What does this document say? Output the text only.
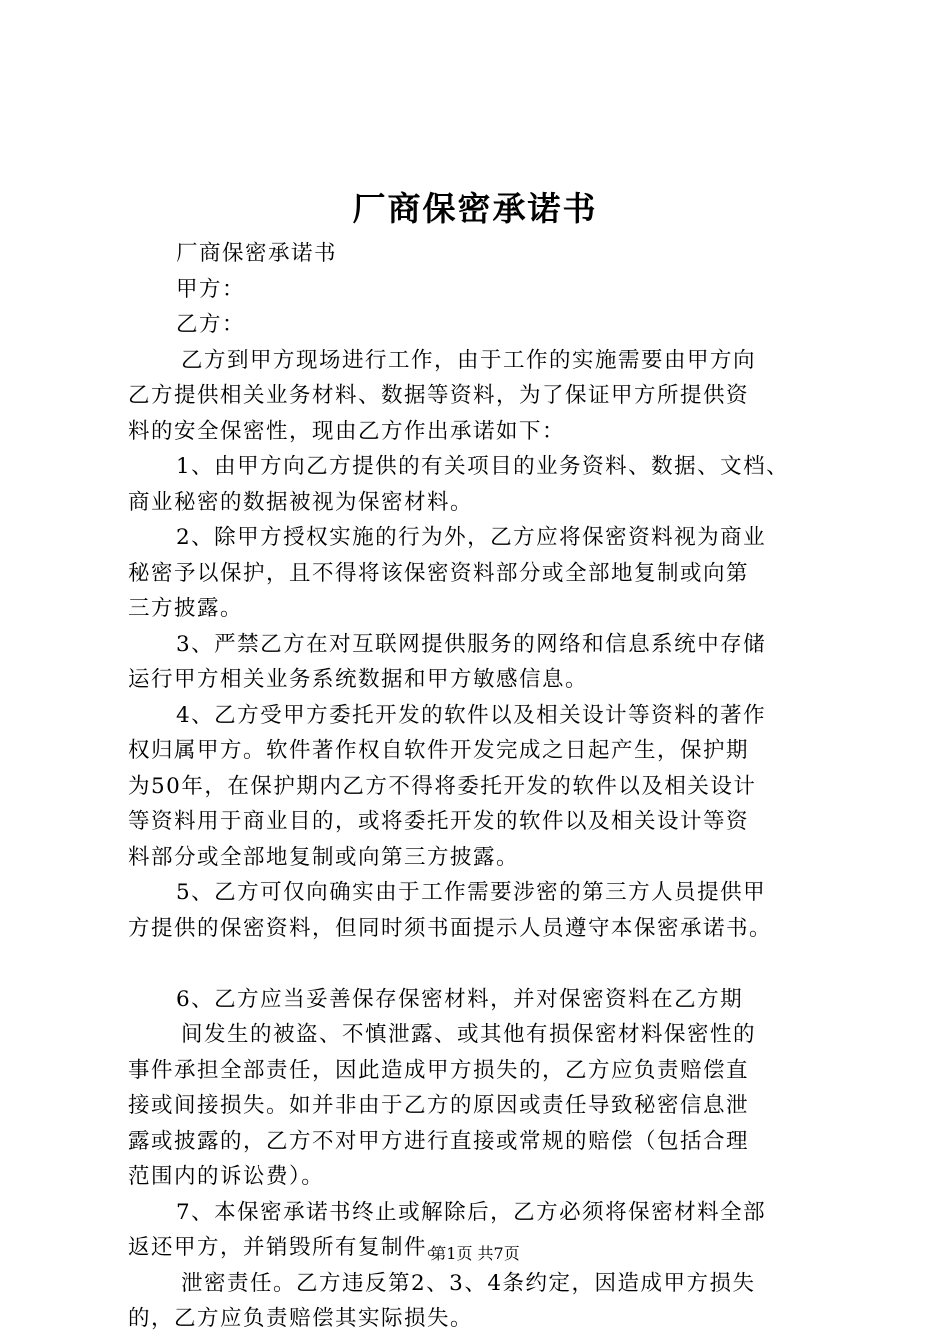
厂商保密承诺书
厂商保密承诺书
甲方：
乙方：
乙方到甲方现场进行工作，由于工作的实施需要由甲方向
乙方提供相关业务材料、数据等资料，为了保证甲方所提供资
料的安全保密性，现由乙方作出承诺如下：
1、由甲方向乙方提供的有关项目的业务资料、数据、文档、
商业秘密的数据被视为保密材料。
2、除甲方授权实施的行为外，乙方应将保密资料视为商业
秘密予以保护，且不得将该保密资料部分或全部地复制或向第
三方披露。
3、严禁乙方在对互联网提供服务的网络和信息系统中存储
运行甲方相关业务系统数据和甲方敏感信息。
4、乙方受甲方委托开发的软件以及相关设计等资料的著作
权归属甲方。软件著作权自软件开发完成之日起产生，保护期
为50年，在保护期内乙方不得将委托开发的软件以及相关设计
等资料用于商业目的，或将委托开发的软件以及相关设计等资
料部分或全部地复制或向第三方披露。
5、乙方可仅向确实由于工作需要涉密的第三方人员提供甲
方提供的保密资料，但同时须书面提示人员遵守本保密承诺书。
6、乙方应当妥善保存保密材料，并对保密资料在乙方期
间发生的被盗、不慎泄露、或其他有损保密材料保密性的
事件承担全部责任，因此造成甲方损失的，乙方应负责赔偿直
接或间接损失。如并非由于乙方的原因或责任导致秘密信息泄
露或披露的，乙方不对甲方进行直接或常规的赔偿（包括合理
范围内的诉讼费）。
7、本保密承诺书终止或解除后，乙方必须将保密材料全部
返还甲方，并销毁所有复制件。
泄密责任。乙方违反第2、3、4条约定，因造成甲方损失
的，乙方应负责赔偿其实际损失。
第1页 共7页
